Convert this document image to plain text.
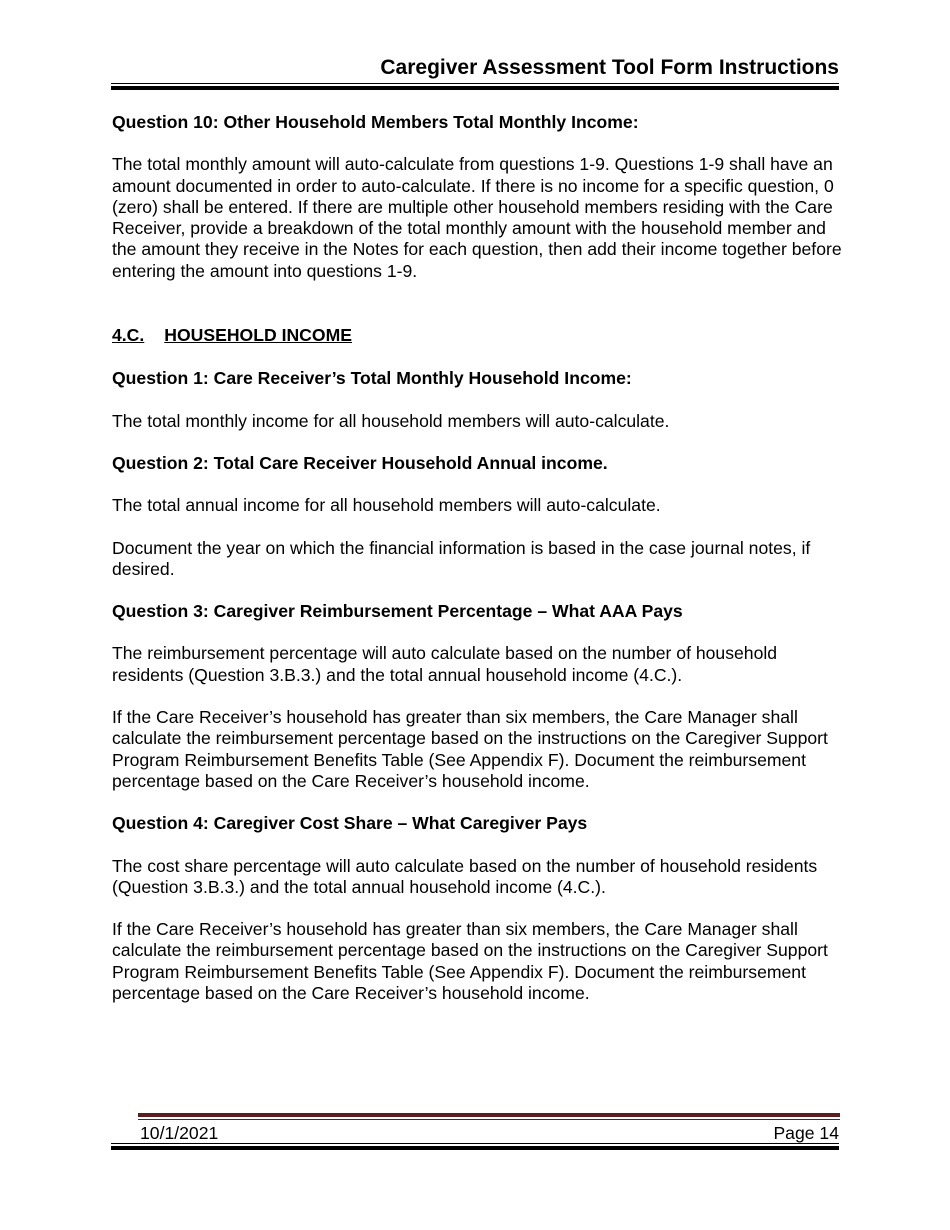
Caregiver Assessment Tool Form Instructions

Question 10: Other Household Members Total Monthly Income:

The total monthly amount will auto-calculate from questions 1-9. Questions 1-9 shall have an amount documented in order to auto-calculate. If there is no income for a specific question, 0 (zero) shall be entered. If there are multiple other household members residing with the Care Receiver, provide a breakdown of the total monthly amount with the household member and the amount they receive in the Notes for each question, then add their income together before entering the amount into questions 1-9.

4.C. HOUSEHOLD INCOME

Question 1: Care Receiver’s Total Monthly Household Income:

The total monthly income for all household members will auto-calculate.

Question 2: Total Care Receiver Household Annual income.

The total annual income for all household members will auto-calculate.

Document the year on which the financial information is based in the case journal notes, if desired.

Question 3: Caregiver Reimbursement Percentage – What AAA Pays

The reimbursement percentage will auto calculate based on the number of household residents (Question 3.B.3.) and the total annual household income (4.C.).

If the Care Receiver’s household has greater than six members, the Care Manager shall calculate the reimbursement percentage based on the instructions on the Caregiver Support Program Reimbursement Benefits Table (See Appendix F). Document the reimbursement percentage based on the Care Receiver’s household income.

Question 4: Caregiver Cost Share – What Caregiver Pays

The cost share percentage will auto calculate based on the number of household residents (Question 3.B.3.) and the total annual household income (4.C.).

If the Care Receiver’s household has greater than six members, the Care Manager shall calculate the reimbursement percentage based on the instructions on the Caregiver Support Program Reimbursement Benefits Table (See Appendix F). Document the reimbursement percentage based on the Care Receiver’s household income.

10/1/2021	Page 14
